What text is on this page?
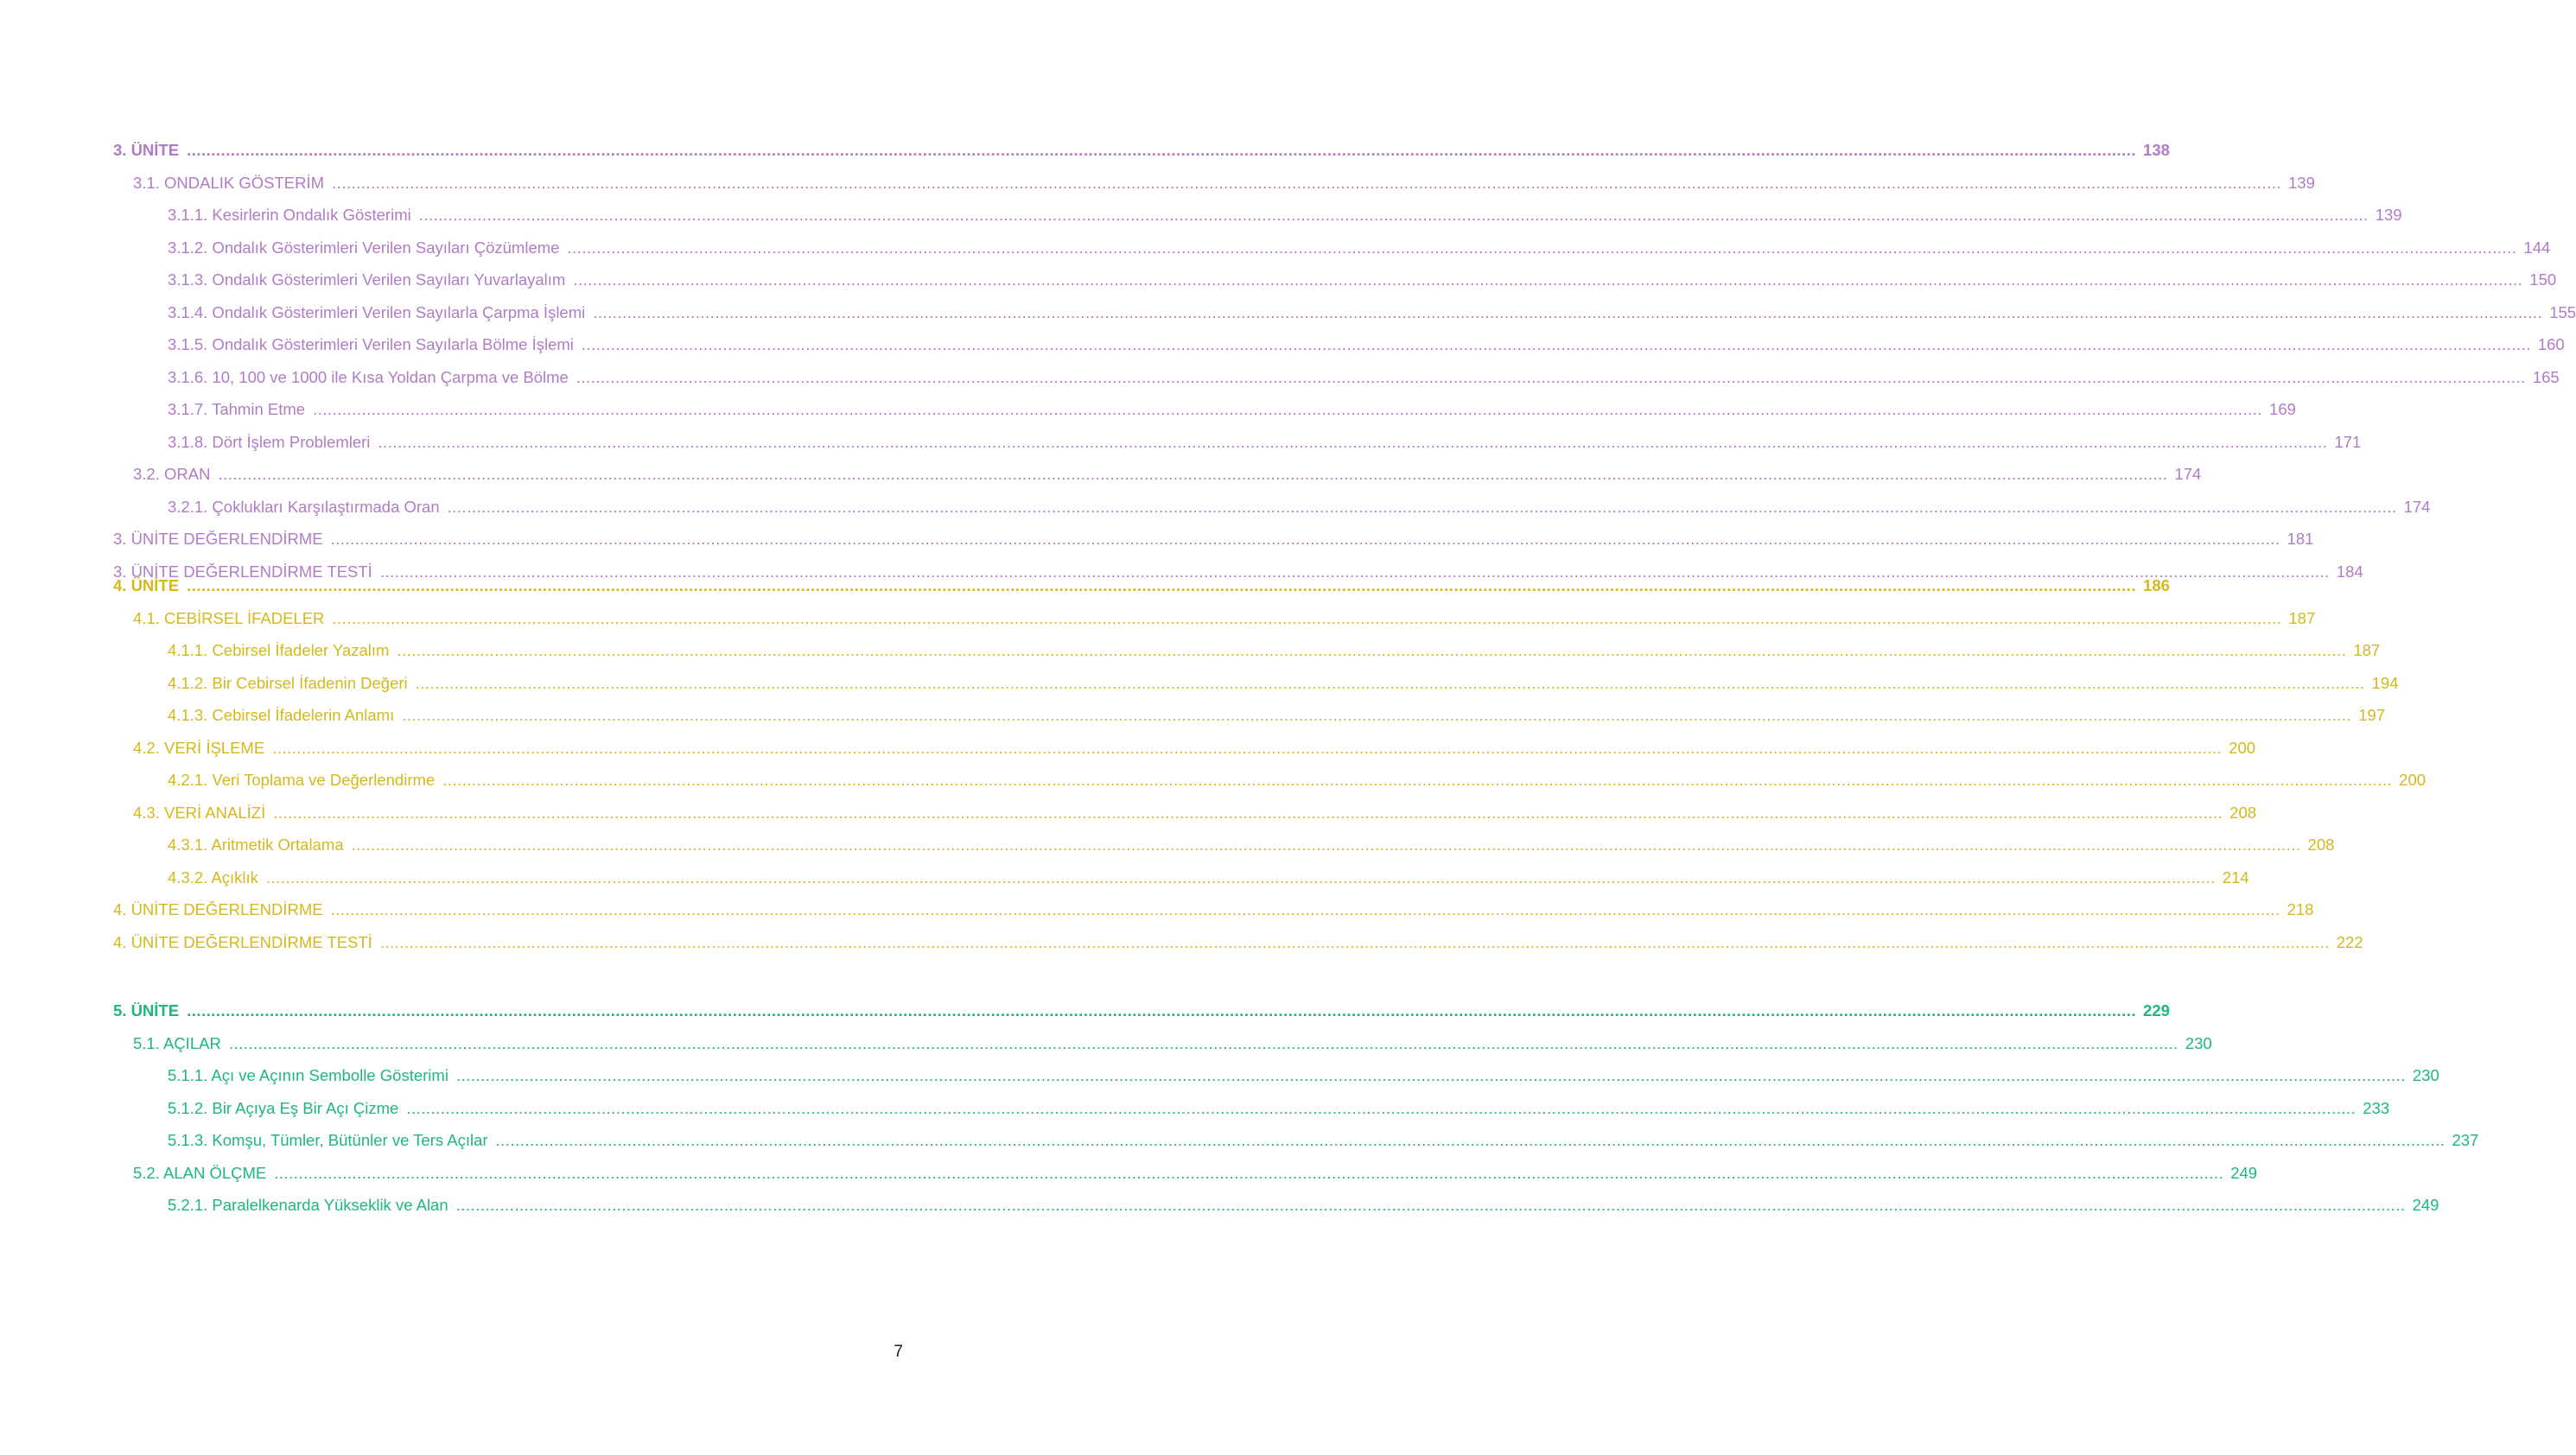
3. ÜNİTE ................................................................................................................................................................................................................................................................................................................................................................................................................ 138
3.1. ONDALIK GÖSTERİM ................................................................................................................................................................................................................................................................................................................................................................................................................ 139
3.1.1. Kesirlerin Ondalık Gösterimi ................................................................................................................................................................................................................................................................................................................................................................................................................ 139
3.1.2. Ondalık Gösterimleri Verilen Sayıları Çözümleme ................................................................................................................................................................................................................................................................................................................................................................................................................ 144
3.1.3. Ondalık Gösterimleri Verilen Sayıları Yuvarlayalım ................................................................................................................................................................................................................................................................................................................................................................................................................ 150
3.1.4. Ondalık Gösterimleri Verilen Sayılarla Çarpma İşlemi ................................................................................................................................................................................................................................................................................................................................................................................................................ 155
3.1.5. Ondalık Gösterimleri Verilen Sayılarla Bölme İşlemi ................................................................................................................................................................................................................................................................................................................................................................................................................ 160
3.1.6. 10, 100 ve 1000 ile Kısa Yoldan Çarpma ve Bölme ................................................................................................................................................................................................................................................................................................................................................................................................................ 165
3.1.7. Tahmin Etme ................................................................................................................................................................................................................................................................................................................................................................................................................ 169
3.1.8. Dört İşlem Problemleri ................................................................................................................................................................................................................................................................................................................................................................................................................ 171
3.2. ORAN ................................................................................................................................................................................................................................................................................................................................................................................................................ 174
3.2.1. Çoklukları Karşılaştırmada Oran ................................................................................................................................................................................................................................................................................................................................................................................................................ 174
3. ÜNİTE DEĞERLENDİRME ................................................................................................................................................................................................................................................................................................................................................................................................................ 181
3. ÜNİTE DEĞERLENDİRME TESTİ ................................................................................................................................................................................................................................................................................................................................................................................................................ 184
4. ÜNİTE ................................................................................................................................................................................................................................................................................................................................................................................................................ 186
4.1. CEBİRSEL İFADELER ................................................................................................................................................................................................................................................................................................................................................................................................................ 187
4.1.1. Cebirsel İfadeler Yazalım ................................................................................................................................................................................................................................................................................................................................................................................................................ 187
4.1.2. Bir Cebirsel İfadenin Değeri ................................................................................................................................................................................................................................................................................................................................................................................................................ 194
4.1.3. Cebirsel İfadelerin Anlamı ................................................................................................................................................................................................................................................................................................................................................................................................................ 197
4.2. VERİ İŞLEME ................................................................................................................................................................................................................................................................................................................................................................................................................ 200
4.2.1. Veri Toplama ve Değerlendirme ................................................................................................................................................................................................................................................................................................................................................................................................................ 200
4.3. VERİ ANALİZİ ................................................................................................................................................................................................................................................................................................................................................................................................................ 208
4.3.1. Aritmetik Ortalama ................................................................................................................................................................................................................................................................................................................................................................................................................ 208
4.3.2. Açıklık ................................................................................................................................................................................................................................................................................................................................................................................................................ 214
4. ÜNİTE DEĞERLENDİRME ................................................................................................................................................................................................................................................................................................................................................................................................................ 218
4. ÜNİTE DEĞERLENDİRME TESTİ ................................................................................................................................................................................................................................................................................................................................................................................................................ 222
5. ÜNİTE ................................................................................................................................................................................................................................................................................................................................................................................................................ 229
5.1. AÇILAR ................................................................................................................................................................................................................................................................................................................................................................................................................ 230
5.1.1. Açı ve Açının Sembolle Gösterimi ................................................................................................................................................................................................................................................................................................................................................................................................................ 230
5.1.2. Bir Açıya Eş Bir Açı Çizme ................................................................................................................................................................................................................................................................................................................................................................................................................ 233
5.1.3. Komşu, Tümler, Bütünler ve Ters Açılar ................................................................................................................................................................................................................................................................................................................................................................................................................ 237
5.2. ALAN ÖLÇME ................................................................................................................................................................................................................................................................................................................................................................................................................ 249
5.2.1. Paralelkenarda Yükseklik ve Alan ................................................................................................................................................................................................................................................................................................................................................................................................................ 249
7
